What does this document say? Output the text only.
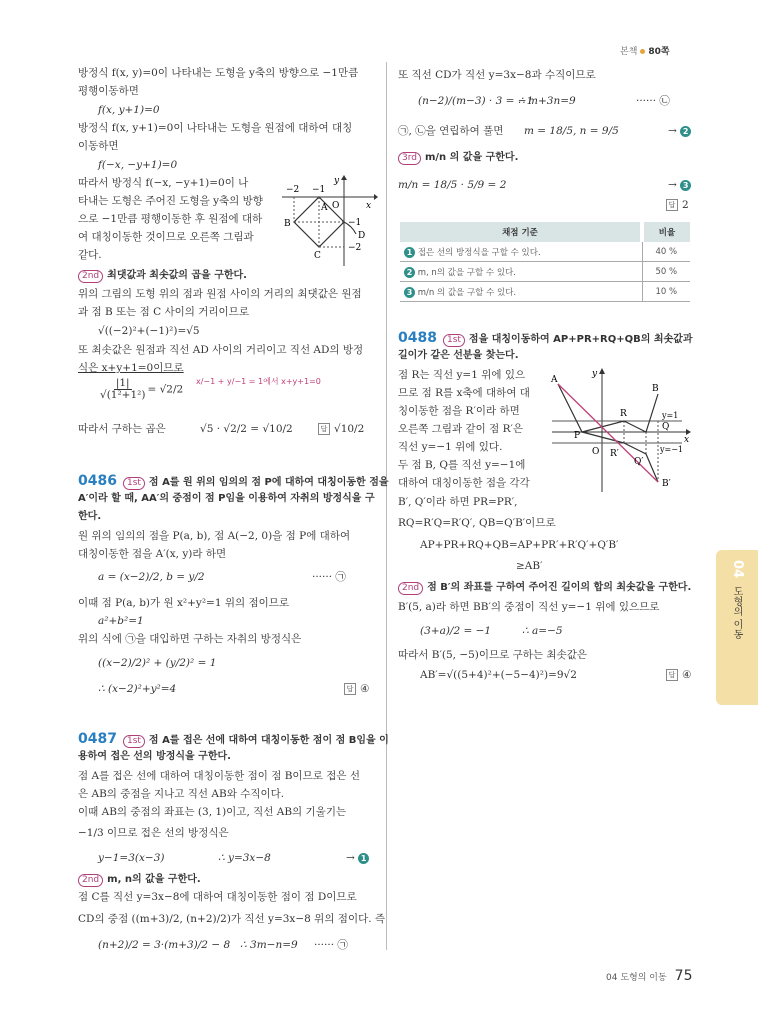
본책 80쪽
방정식 f(x, y)=0이 나타내는 도형을 y축의 방향으로 −1만큼
평행이동하면
f(x, y+1)=0
방정식 f(x, y+1)=0이 나타내는 도형을 원점에 대하여 대칭
이동하면
f(−x, −y+1)=0
따라서 방정식 f(−x, −y+1)=0이 나
타내는 도형은 주어진 도형을 y축의 방향
으로 −1만큼 평행이동한 후 원점에 대하
여 대칭이동한 것이므로 오른쪽 그림과
같다.
−2 −1
O	x
y
A
B
C
D
−1
−2
2nd 최댓값과 최솟값의 곱을 구한다.
위의 그림의 도형 위의 점과 원점 사이의 거리의 최댓값은 원점
과 점 B 또는 점 C 사이의 거리이므로
√((−2)²+(−1)²)=√5
또 최솟값은 원점과 직선 AD 사이의 거리이고 직선 AD의 방정
식은 x+y+1=0이므로
x/−1 + y/−1 = 1에서 x+y+1=0
$\frac{|1|}{\text{√(1²+1²)}} = √2/2$
따라서 구하는 곱은	√5 · √2/2 = √10/2	답 √10/2
0486 1st 점 A를 원 위의 임의의 점 P에 대하여 대칭이동한 점을
A′이라 할 때, AA′의 중점이 점 P임을 이용하여 자취의 방정식을 구
한다.
원 위의 임의의 점을 P(a, b), 점 A(−2, 0)을 점 P에 대하여
대칭이동한 점을 A′(x, y)라 하면
a = (x−2)/2, b = y/2	······ ㉠
이때 점 P(a, b)가 원 x²+y²=1 위의 점이므로
a²+b²=1
위의 식에 ㉠을 대입하면 구하는 자취의 방정식은
((x−2)/2)² + (y/2)² = 1
∴ (x−2)²+y²=4	답 ④
0487 1st 점 A를 접은 선에 대하여 대칭이동한 점이 점 B임을 이
용하여 접은 선의 방정식을 구한다.
점 A를 접은 선에 대하여 대칭이동한 점이 점 B이므로 접은 선
은 AB의 중점을 지나고 직선 AB와 수직이다.
이때 AB의 중점의 좌표는 (3, 1)이고, 직선 AB의 기울기는
−1/3 이므로 접은 선의 방정식은
y−1=3(x−3)	∴ y=3x−8	→ 1
2nd m, n의 값을 구한다.
점 C를 직선 y=3x−8에 대하여 대칭이동한 점이 점 D이므로
CD의 중점 ((m+3)/2, (n+2)/2)가 직선 y=3x−8 위의 점이다. 즉
(n+2)/2 = 3·(m+3)/2 − 8 ∴ 3m−n=9 ······ ㉠
또 직선 CD가 직선 y=3x−8과 수직이므로
(n−2)/(m−3) · 3 = −1
∴ m+3n=9	······ ㉡
㉠, ㉡을 연립하여 풀면 m = 18/5, n = 9/5	→ 2
3rd m/n 의 값을 구한다.
m/n = 18/5 · 5/9 = 2	→ 3
답 2
채점 기준	비율
1 접은 선의 방정식을 구할 수 있다.	40 %
2 m, n의 값을 구할 수 있다.	50 %
3 m/n 의 값을 구할 수 있다.	10 %
0488 1st 점을 대칭이동하여 AP+PR+RQ+QB의 최솟값과
길이가 같은 선분을 찾는다.
점 R는 직선 y=1 위에 있으
므로 점 R를 x축에 대하여 대
칭이동한 점을 R′이라 하면
오른쪽 그림과 같이 점 R′은
직선 y=−1 위에 있다.
두 점 B, Q를 직선 y=−1에
대하여 대칭이동한 점을 각각
B′, Q′이라 하면 PR=PR′,
RQ=R′Q=R′Q′, QB=Q′B′이므로
AP+PR+RQ+QB=AP+PR′+R′Q′+Q′B′
≥AB′
2nd 점 B′의 좌표를 구하여 주어진 길이의 합의 최솟값을 구한다.
B′(5, a)라 하면 BB′의 중점이 직선 y=−1 위에 있으므로
(3+a)/2 = −1	∴ a=−5
따라서 B′(5, −5)이므로 구하는 최솟값은
AB′=√((5+4)²+(−5−4)²)=9√2	답 ④
A
B
R
Q
P
O R′
Q′
B′
x
y
y=1
y=−1
04
도형의 이동
04 도형의 이동 75
